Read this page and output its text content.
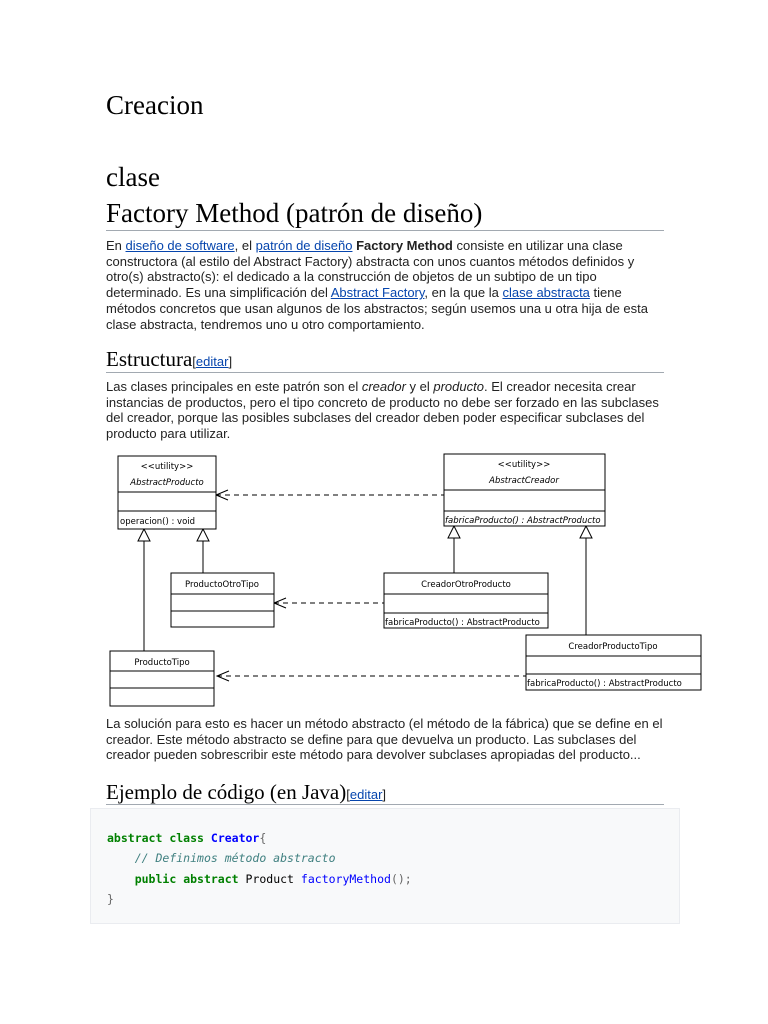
Creacion
clase
Factory Method (patrón de diseño)

En diseño de software, el patrón de diseño Factory Method consiste en utilizar una clase constructora (al estilo del Abstract Factory) abstracta con unos cuantos métodos definidos y otro(s) abstracto(s): el dedicado a la construcción de objetos de un subtipo de un tipo determinado. Es una simplificación del Abstract Factory, en la que la clase abstracta tiene métodos concretos que usan algunos de los abstractos; según usemos una u otra hija de esta clase abstracta, tendremos uno u otro comportamiento.

Estructura[editar]

Las clases principales en este patrón son el creador y el producto. El creador necesita crear instancias de productos, pero el tipo concreto de producto no debe ser forzado en las subclases del creador, porque las posibles subclases del creador deben poder especificar subclases del producto para utilizar.

<<utility>>
AbstractProducto
operacion() : void
<<utility>>
AbstractCreador
fabricaProducto() : AbstractProducto
ProductoOtroTipo	CreadorOtroProducto
fabricaProducto() : AbstractProducto
ProductoTipo
CreadorProductoTipo
fabricaProducto() : AbstractProducto

La solución para esto es hacer un método abstracto (el método de la fábrica) que se define en el creador. Este método abstracto se define para que devuelva un producto. Las subclases del creador pueden sobrescribir este método para devolver subclases apropiadas del producto...

Ejemplo de código (en Java)[editar]
abstract class Creator{
// Definimos método abstracto
public abstract Product factoryMethod();
}
